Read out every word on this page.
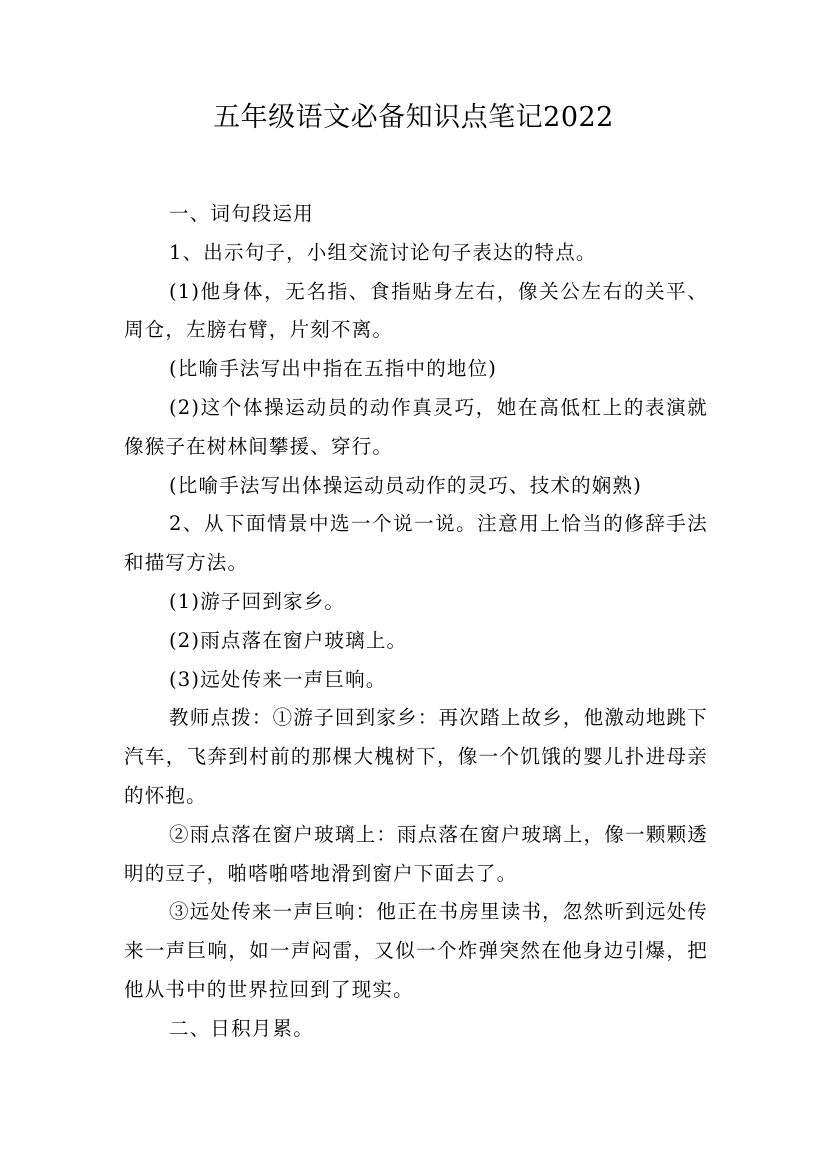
五年级语文必备知识点笔记2022

一、词句段运用

1、出示句子，小组交流讨论句子表达的特点。

(1)他身体，无名指、食指贴身左右，像关公左右的关平、周仓，左膀右臂，片刻不离。

(比喻手法写出中指在五指中的地位)

(2)这个体操运动员的动作真灵巧，她在高低杠上的表演就像猴子在树林间攀援、穿行。

(比喻手法写出体操运动员动作的灵巧、技术的娴熟)

2、从下面情景中选一个说一说。注意用上恰当的修辞手法和描写方法。

(1)游子回到家乡。

(2)雨点落在窗户玻璃上。

(3)远处传来一声巨响。

教师点拨：①游子回到家乡：再次踏上故乡，他激动地跳下汽车，飞奔到村前的那棵大槐树下，像一个饥饿的婴儿扑进母亲的怀抱。

②雨点落在窗户玻璃上：雨点落在窗户玻璃上，像一颗颗透明的豆子，啪嗒啪嗒地滑到窗户下面去了。

③远处传来一声巨响：他正在书房里读书，忽然听到远处传来一声巨响，如一声闷雷，又似一个炸弹突然在他身边引爆，把他从书中的世界拉回到了现实。

二、日积月累。
